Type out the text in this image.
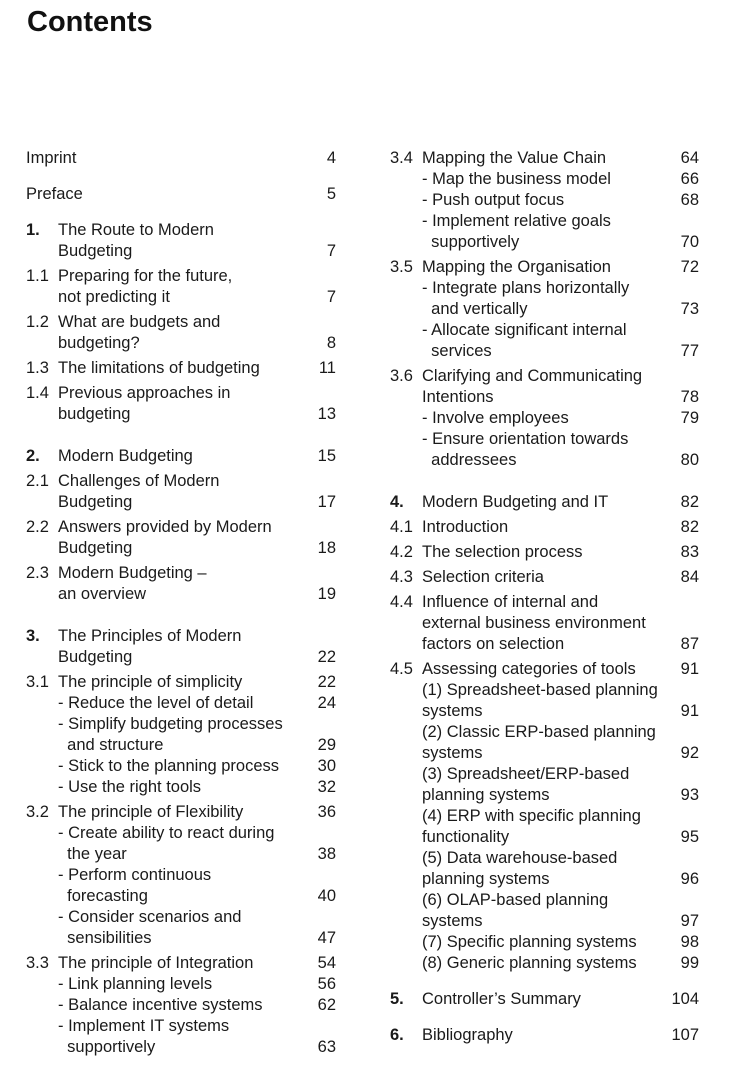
Contents
Imprint	4
Preface	5
1. The Route to Modern
Budgeting	7
1.1 Preparing for the future,
not predicting it	7
1.2 What are budgets and
budgeting?	8
1.3 The limitations of budgeting	11
1.4 Previous approaches in
budgeting	13
2. Modern Budgeting	15
2.1 Challenges of Modern
Budgeting	17
2.2 Answers provided by Modern
Budgeting	18
2.3 Modern Budgeting –
an overview	19
3. The Principles of Modern
Budgeting	22
3.1 The principle of simplicity	22
- Reduce the level of detail	24
- Simplify budgeting processes
and structure	29
- Stick to the planning process	30
- Use the right tools	32
3.2 The principle of Flexibility	36
- Create ability to react during
the year	38
- Perform continuous
forecasting	40
- Consider scenarios and
sensibilities	47
3.3 The principle of Integration	54
- Link planning levels	56
- Balance incentive systems	62
- Implement IT systems
supportively	63
3.4 Mapping the Value Chain	64
- Map the business model	66
- Push output focus	68
- Implement relative goals
supportively	70
3.5 Mapping the Organisation	72
- Integrate plans horizontally
and vertically	73
- Allocate significant internal
services	77
3.6 Clarifying and Communicating
Intentions	78
- Involve employees	79
- Ensure orientation towards
addressees	80
4. Modern Budgeting and IT	82
4.1 Introduction	82
4.2 The selection process	83
4.3 Selection criteria	84
4.4 Influence of internal and
external business environment
factors on selection	87
4.5 Assessing categories of tools	91
(1) Spreadsheet-based planning
systems	91
(2) Classic ERP-based planning
systems	92
(3) Spreadsheet/ERP-based
planning systems	93
(4) ERP with specific planning
functionality	95
(5) Data warehouse-based
planning systems	96
(6) OLAP-based planning
systems	97
(7) Specific planning systems	98
(8) Generic planning systems	99
5. Controller’s Summary	104
6. Bibliography	107
